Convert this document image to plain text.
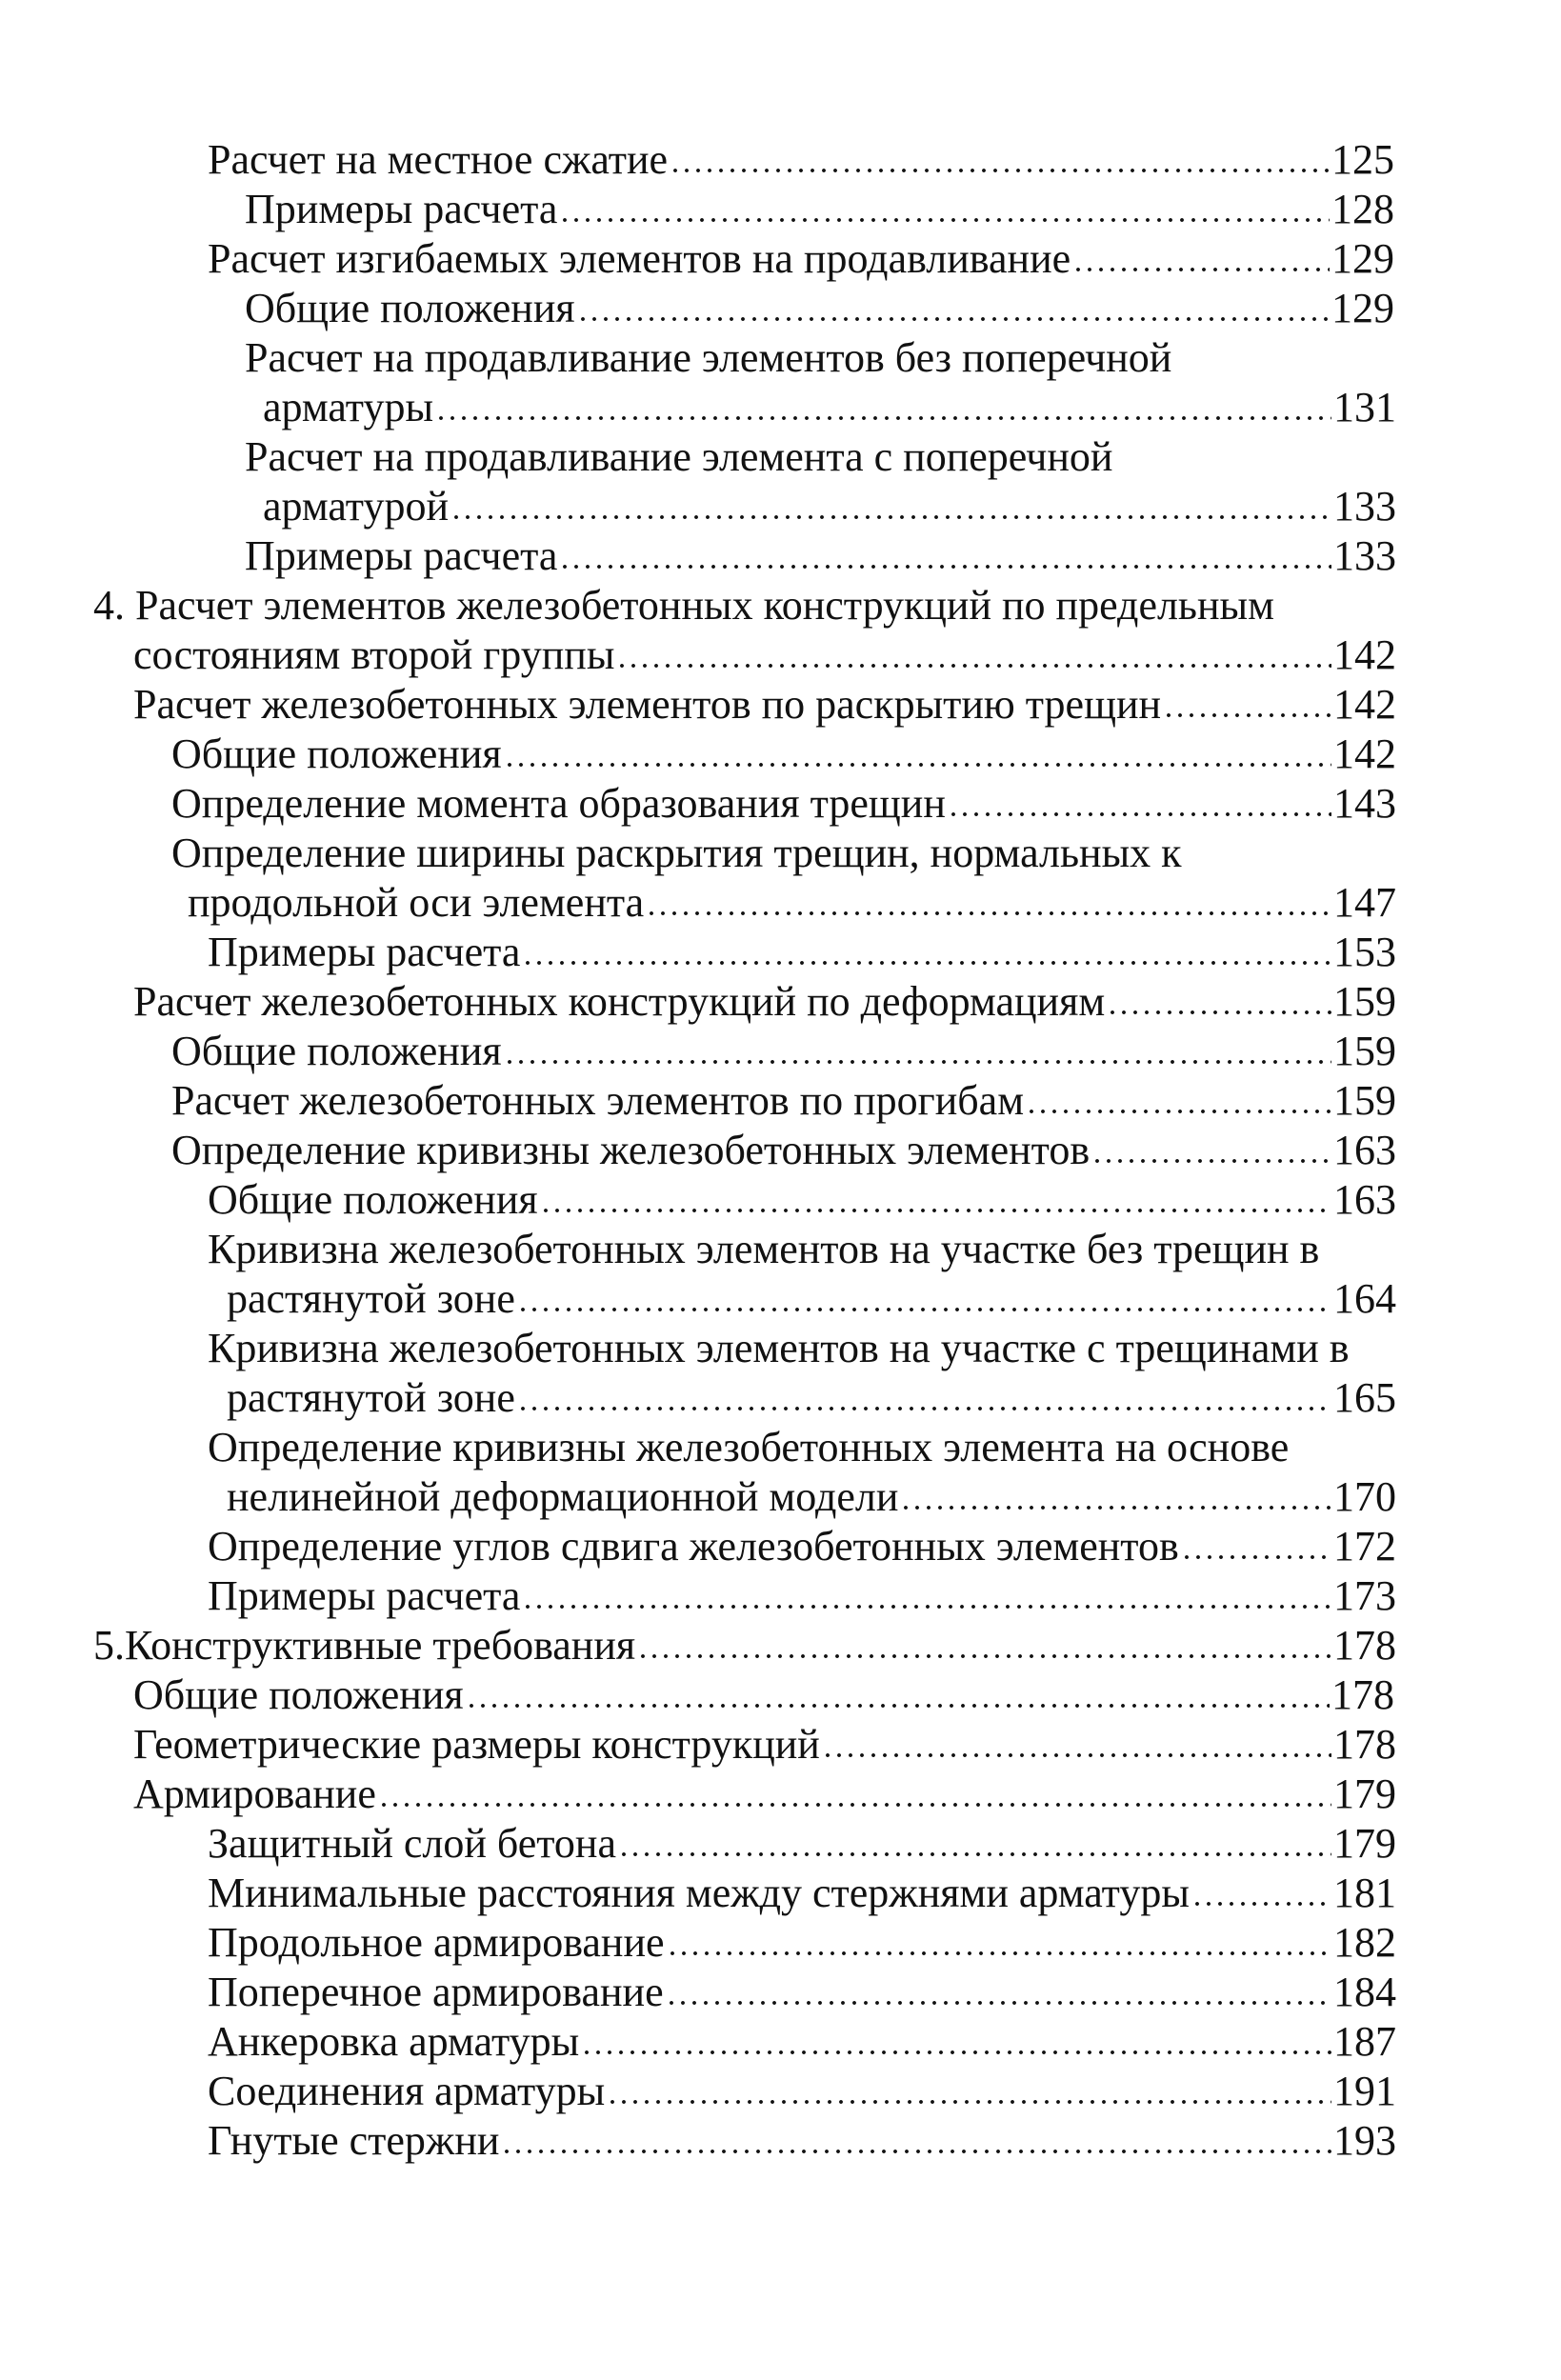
Расчет на местное сжатие	125
Примеры расчета	128
Расчет изгибаемых элементов на продавливание	129
Общие положения	129
Расчет на продавливание элементов без поперечной
арматуры	131
Расчет на продавливание элемента с поперечной
арматурой	133
Примеры расчета	133
4. Расчет элементов железобетонных конструкций по предельным
состояниям второй группы	142
Расчет железобетонных элементов по раскрытию трещин	142
Общие положения	142
Определение момента образования трещин	143
Определение ширины раскрытия трещин, нормальных к
продольной оси элемента	147
Примеры расчета	153
Расчет железобетонных конструкций по деформациям	159
Общие положения	159
Расчет железобетонных элементов по прогибам	159
Определение кривизны железобетонных элементов	163
Общие положения	163
Кривизна железобетонных элементов на участке без трещин в
растянутой зоне	164
Кривизна железобетонных элементов на участке с трещинами в
растянутой зоне	165
Определение кривизны железобетонных элемента на основе
нелинейной деформационной модели	170
Определение углов сдвига железобетонных элементов	172
Примеры расчета	173
5.Конструктивные требования	178
Общие положения	178
Геометрические размеры конструкций	178
Армирование	179
Защитный слой бетона	179
Минимальные расстояния между стержнями арматуры	181
Продольное армирование	182
Поперечное армирование	184
Анкеровка арматуры	187
Соединения арматуры	191
Гнутые стержни	193
